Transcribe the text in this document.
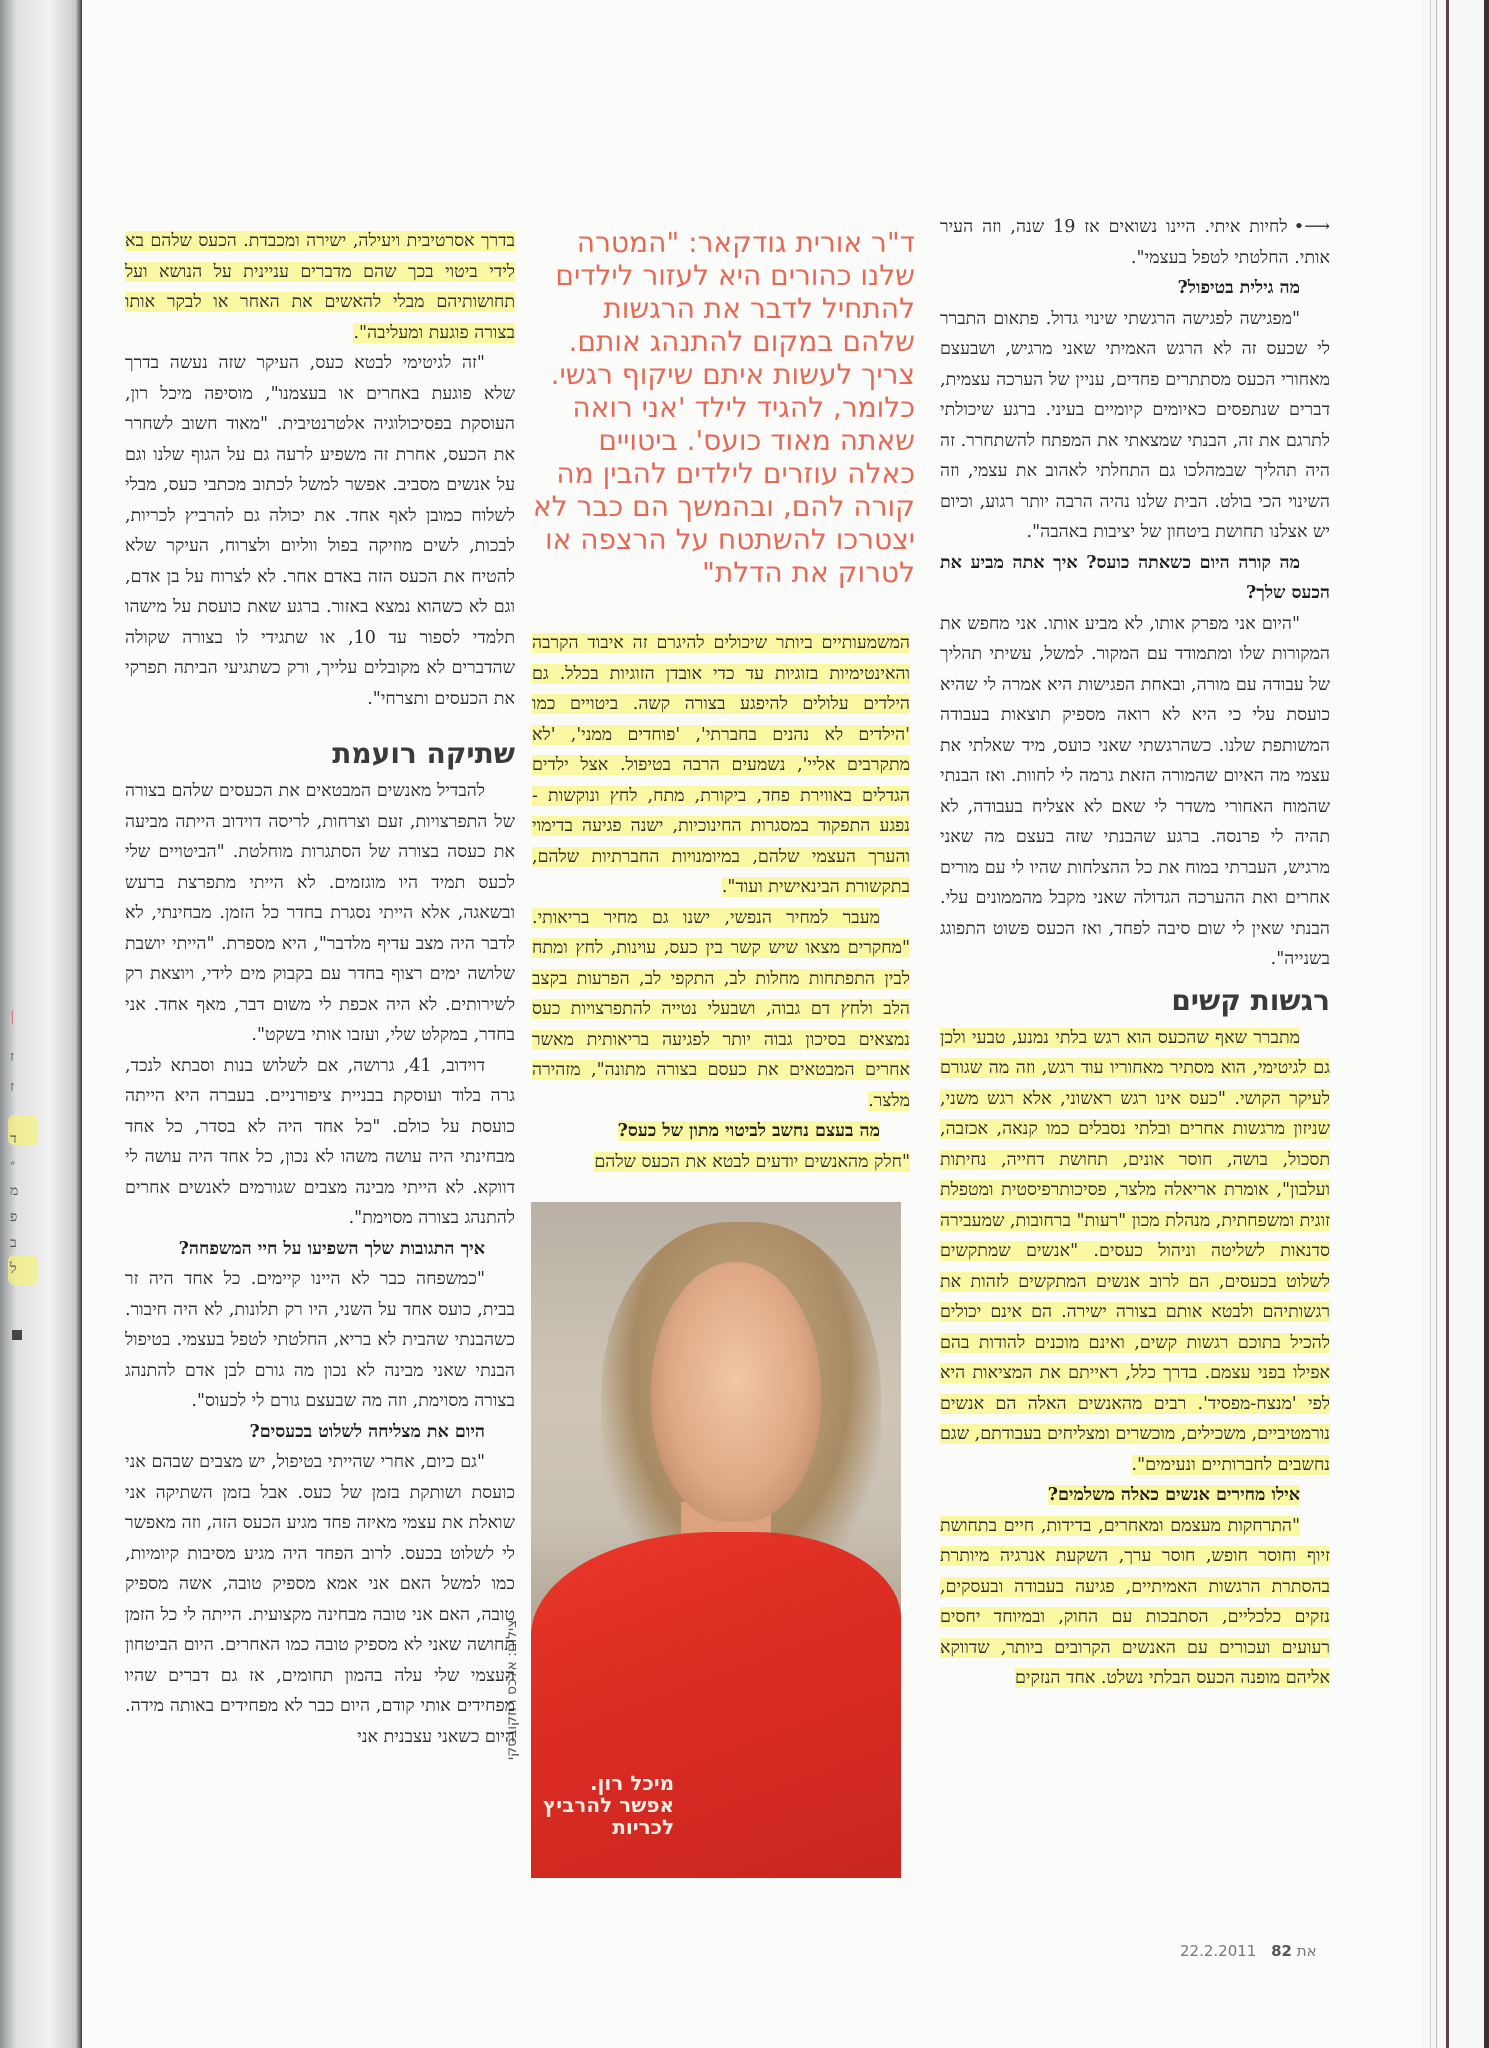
|
ז
ז
ד
״
מ
פ
ב
ל

⟶•לחיות איתי. היינו נשואים אז 19 שנה, וזה העיר אותי. החלטתי לטפל בעצמי".

מה גילית בטיפול?

"מפגישה לפגישה הרגשתי שינוי גדול. פתאום התברר לי שכעס זה לא הרגש האמיתי שאני מרגיש, ושבעצם מאחורי הכעס מסתתרים פחדים, עניין של הערכה עצמית, דברים שנתפסים כאיומים קיומיים בעיני. ברגע שיכולתי לתרגם את זה, הבנתי שמצאתי את המפתח להשתחרר. זה היה תהליך שבמהלכו גם התחלתי לאהוב את עצמי, וזה השינוי הכי בולט. הבית שלנו נהיה הרבה יותר רגוע, וכיום יש אצלנו תחושת ביטחון של יציבות באהבה".

מה קורה היום כשאתה כועס? איך אתה מביע את הכעס שלך?

"היום אני מפרק אותו, לא מביע אותו. אני מחפש את המקורות שלו ומתמודד עם המקור. למשל, עשיתי תהליך של עבודה עם מורה, ובאחת הפגישות היא אמרה לי שהיא כועסת עלי כי היא לא רואה מספיק תוצאות בעבודה המשותפת שלנו. כשהרגשתי שאני כועס, מיד שאלתי את עצמי מה האיום שהמורה הזאת גרמה לי לחוות. ואז הבנתי שהמוח האחורי משדר לי שאם לא אצליח בעבודה, לא תהיה לי פרנסה. ברגע שהבנתי שזה בעצם מה שאני מרגיש, העברתי במוח את כל ההצלחות שהיו לי עם מורים אחרים ואת ההערכה הגדולה שאני מקבל מהממונים עלי. הבנתי שאין לי שום סיבה לפחד, ואז הכעס פשוט התפוגג בשנייה".

רגשות קשים

מתברר שאף שהכעס הוא רגש בלתי נמנע, טבעי ולכן גם לגיטימי, הוא מסתיר מאחוריו עוד רגש, וזה מה שגורם לעיקר הקושי. "כעס אינו רגש ראשוני, אלא רגש משני, שניזון מרגשות אחרים ובלתי נסבלים כמו קנאה, אכזבה, תסכול, בושה, חוסר אונים, תחושת דחייה, נחיתות ועלבון", אומרת אריאלה מלצר, פסיכותרפיסטית ומטפלת זוגית ומשפחתית, מנהלת מכון "רעות" ברחובות, שמעבירה סדנאות לשליטה וניהול כעסים. "אנשים שמתקשים לשלוט בכעסים, הם לרוב אנשים המתקשים לזהות את רגשותיהם ולבטא אותם בצורה ישירה. הם אינם יכולים להכיל בתוכם רגשות קשים, ואינם מוכנים להודות בהם אפילו בפני עצמם. בדרך כלל, ראייתם את המציאות היא לפי 'מנצח-מפסיד'. רבים מהאנשים האלה הם אנשים נורמטיביים, משכילים, מוכשרים ומצליחים בעבודתם, שגם נחשבים לחברותיים ונעימים".

אילו מחירים אנשים כאלה משלמים?

"התרחקות מעצמם ומאחרים, בדידות, חיים בתחושת זיוף וחוסר חופש, חוסר ערך, השקעת אנרגיה מיותרת בהסתרת הרגשות האמיתיים, פגיעה בעבודה ובעסקים, נזקים כלכליים, הסתבכות עם החוק, ובמיוחד יחסים רעועים ועכורים עם האנשים הקרובים ביותר, שדווקא אליהם מופנה הכעס הבלתי נשלט. אחד הנזקים

ד"ר אורית גודקאר: "המטרה שלנו כהורים היא לעזור לילדים להתחיל לדבר את הרגשות שלהם במקום להתנהג אותם. צריך לעשות איתם שיקוף רגשי. כלומר, להגיד לילד 'אני רואה שאתה מאוד כועס'. ביטויים כאלה עוזרים לילדים להבין מה קורה להם, ובהמשך הם כבר לא יצטרכו להשתטח על הרצפה או לטרוק את הדלת"

המשמעותיים ביותר שיכולים להיגרם זה איבוד הקרבה והאינטימיות בזוגיות עד כדי אובדן הזוגיות בכלל. גם הילדים עלולים להיפגע בצורה קשה. ביטויים כמו 'הילדים לא נהנים בחברתי', 'פוחדים ממני', 'לא מתקרבים אליי', נשמעים הרבה בטיפול. אצל ילדים הגדלים באווירת פחד, ביקורת, מתח, לחץ ונוקשות - נפגע התפקוד במסגרות החינוכיות, ישנה פגיעה בדימוי והערך העצמי שלהם, במיומנויות החברתיות שלהם, בתקשורת הבינאישית ועוד".

מעבר למחיר הנפשי, ישנו גם מחיר בריאותי. "מחקרים מצאו שיש קשר בין כעס, עוינות, לחץ ומתח לבין התפתחות מחלות לב, התקפי לב, הפרעות בקצב הלב ולחץ דם גבוה, ושבעלי נטייה להתפרצויות כעס נמצאים בסיכון גבוה יותר לפגיעה בריאותית מאשר אחרים המבטאים את כעסם בצורה מתונה", מזהירה מלצר.

מה בעצם נחשב לביטוי מתון של כעס?

"חלק מהאנשים יודעים לבטא את הכעס שלהם

מיכל רון.
אפשר להרביץ
לכריות
צילום: אלכס רוזקובסקי

בדרך אסרטיבית ויעילה, ישירה ומכבדת. הכעס שלהם בא לידי ביטוי בכך שהם מדברים עניינית על הנושא ועל תחושותיהם מבלי להאשים את האחר או לבקר אותו בצורה פוגעת ומעליבה".

"זה לגיטימי לבטא כעס, העיקר שזה נעשה בדרך שלא פוגעת באחרים או בעצמנו", מוסיפה מיכל רון, העוסקת בפסיכולוגיה אלטרנטיבית. "מאוד חשוב לשחרר את הכעס, אחרת זה משפיע לרעה גם על הגוף שלנו וגם על אנשים מסביב. אפשר למשל לכתוב מכתבי כעס, מבלי לשלוח כמובן לאף אחד. את יכולה גם להרביץ לכריות, לבכות, לשים מוזיקה בפול ווליום ולצרוח, העיקר שלא להטיח את הכעס הזה באדם אחר. לא לצרוח על בן אדם, וגם לא כשהוא נמצא באזור. ברגע שאת כועסת על מישהו תלמדי לספור עד 10, או שתגידי לו בצורה שקולה שהדברים לא מקובלים עלייך, ורק כשתגיעי הביתה תפרקי את הכעסים ותצרחי".

שתיקה רועמת

להבדיל מאנשים המבטאים את הכעסים שלהם בצורה של התפרצויות, זעם וצרחות, לריסה דוידוב הייתה מביעה את כעסה בצורה של הסתגרות מוחלטת. "הביטויים שלי לכעס תמיד היו מוגזמים. לא הייתי מתפרצת ברעש ובשאגה, אלא הייתי נסגרת בחדר כל הזמן. מבחינתי, לא לדבר היה מצב עדיף מלדבר", היא מספרת. "הייתי יושבת שלושה ימים רצוף בחדר עם בקבוק מים לידי, ויוצאת רק לשירותים. לא היה אכפת לי משום דבר, מאף אחד. אני בחדר, במקלט שלי, ועזבו אותי בשקט".

דוידוב, 41, גרושה, אם לשלוש בנות וסבתא לנכד, גרה בלוד ועוסקת בבניית ציפורניים. בעברה היא הייתה כועסת על כולם. "כל אחד היה לא בסדר, כל אחד מבחינתי היה עושה משהו לא נכון, כל אחד היה עושה לי דווקא. לא הייתי מבינה מצבים שגורמים לאנשים אחרים להתנהג בצורה מסוימת".

איך התגובות שלך השפיעו על חיי המשפחה?

"כמשפחה כבר לא היינו קיימים. כל אחד היה זר בבית, כועס אחד על השני, היו רק תלונות, לא היה חיבור. כשהבנתי שהבית לא בריא, החלטתי לטפל בעצמי. בטיפול הבנתי שאני מבינה לא נכון מה גורם לבן אדם להתנהג בצורה מסוימת, וזה מה שבעצם גורם לי לכעוס".

היום את מצליחה לשלוט בכעסים?

"גם כיום, אחרי שהייתי בטיפול, יש מצבים שבהם אני כועסת ושותקת בזמן של כעס. אבל בזמן השתיקה אני שואלת את עצמי מאיזה פחד מגיע הכעס הזה, וזה מאפשר לי לשלוט בכעס. לרוב הפחד היה מגיע מסיבות קיומיות, כמו למשל האם אני אמא מספיק טובה, אשה מספיק טובה, האם אני טובה מבחינה מקצועית. הייתה לי כל הזמן תחושה שאני לא מספיק טובה כמו האחרים. היום הביטחון העצמי שלי עלה בהמון תחומים, אז גם דברים שהיו מפחידים אותי קודם, היום כבר לא מפחידים באותה מידה. היום כשאני עצבנית אני

22.2.2011	את 82
